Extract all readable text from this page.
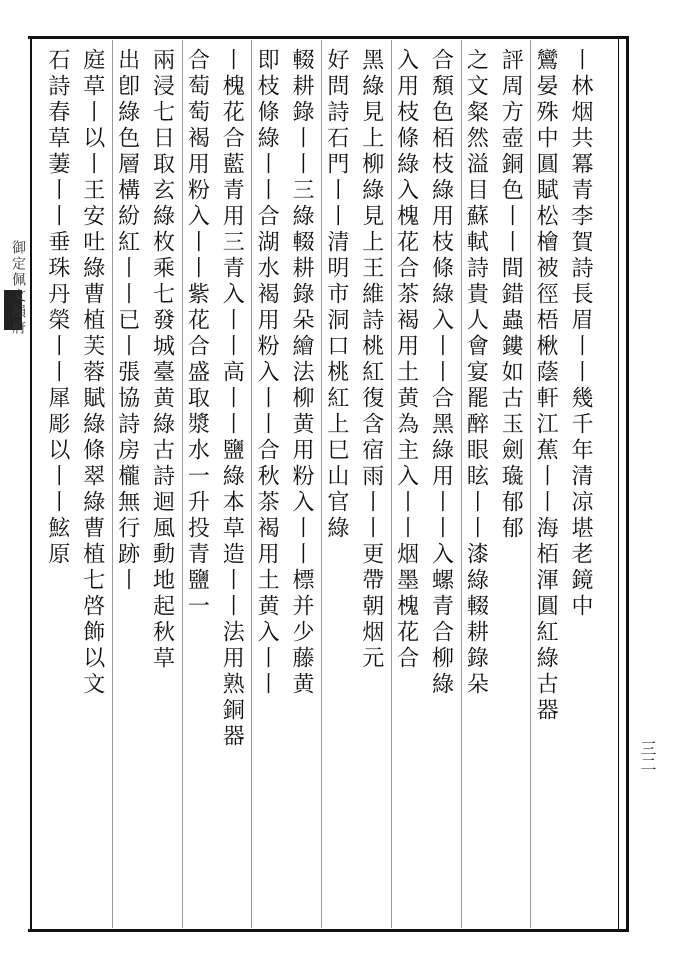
御定佩文韻府
三二
丨林烟共冪青李賀詩長眉丨丨幾千年清凉堪老鏡中
鸞晏殊中圓賦松檜被徑梧楸蔭軒江蕉丨丨海栢渾圓紅綠古器
評周方壺銅色丨丨間錯蟲鏤如古玉劍璏郁郁
之文粲然溢目蘇軾詩貴人會宴罷醉眼眩丨丨漆綠輟耕錄朵
合頽色栢枝綠用枝條綠入丨丨合黑綠用丨丨入螺青合柳綠
入用枝條綠入槐花合茶褐用土黄為主入丨丨烟墨槐花合
黑綠見上柳綠見上王維詩桃紅復含宿雨丨丨更帶朝烟元
好問詩石門丨丨清明市洞口桃紅上巳山官綠
輟耕錄丨丨三綠輟耕錄朵繪法柳黄用粉入丨丨標并少藤黄
即枝條綠丨丨合湖水褐用粉入丨丨合秋茶褐用土黄入丨丨
丨槐花合藍青用三青入丨丨高丨丨鹽綠本草造丨丨法用熟銅器
合萄萄褐用粉入丨丨紫花合盛取漿水一升投青鹽一
兩浸七日取玄綠枚乘七發城臺黄綠古詩迴風動地起秋草
出卽綠色層構紛紅丨丨已丨張協詩房櫳無行跡丨
庭草丨以丨王安吐綠曹植芙蓉賦綠條翠綠曹植七啓飾以文
石詩春草萋丨丨垂珠丹榮丨丨犀彫以丨丨鮌原
